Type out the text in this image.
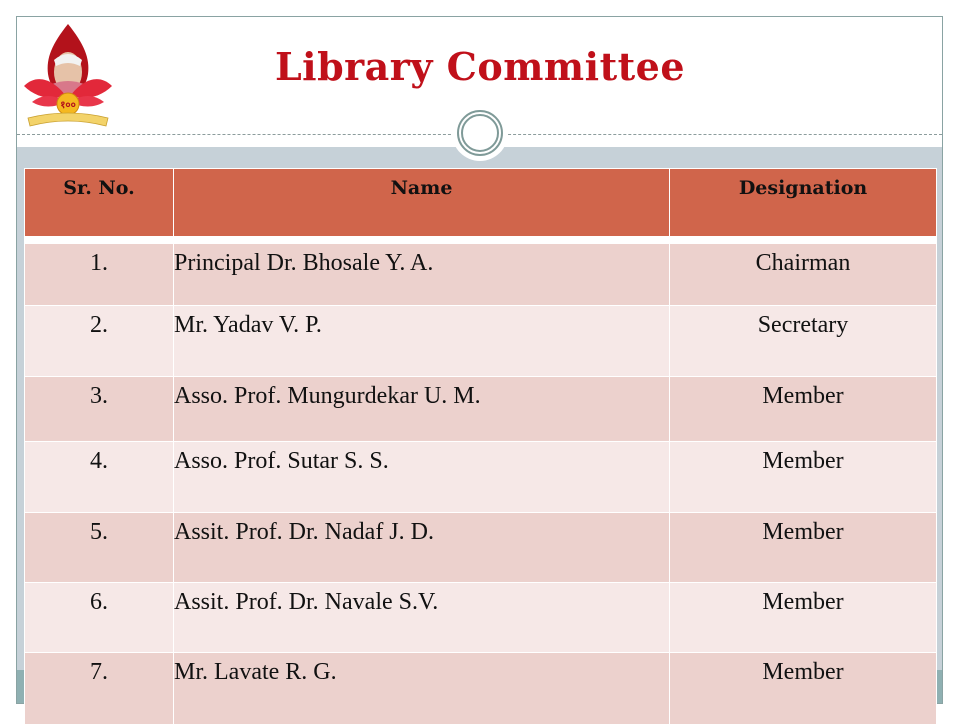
१००
Library Committee
Sr. No.	Name	Designation

1.	Principal Dr. Bhosale Y. A.	Chairman
2.	Mr. Yadav V. P.	Secretary
3.	Asso. Prof. Mungurdekar U. M.	Member
4.	Asso. Prof. Sutar S. S.	Member
5.	Assit. Prof. Dr. Nadaf J. D.	Member
6.	Assit. Prof. Dr. Navale S.V.	Member
7.	Mr. Lavate R. G.	Member
